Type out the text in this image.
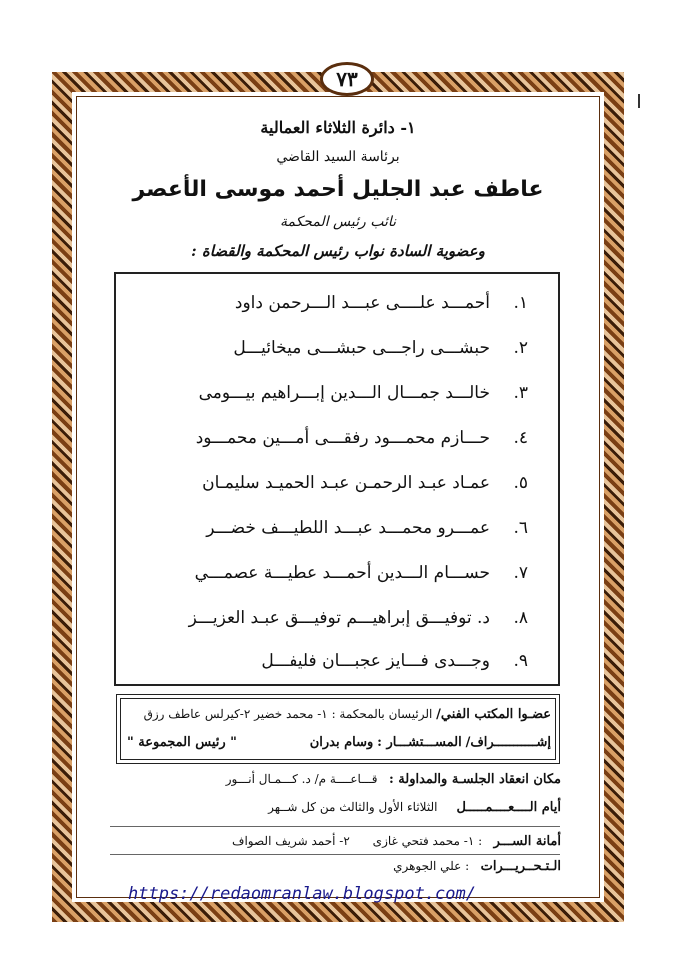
٧٣
١- دائرة الثلاثاء العمالية
برئاسة السيد القاضي
عاطف عبد الجليل أحمد موسى الأعصر
نائب رئيس المحكمة
وعضوية السادة نواب رئيس المحكمة والقضاة :
١.
أحمـــد علــــى عبـــد الـــرحمن داود
٢.
حبشـــى راجـــى حبشـــى ميخائيـــل
٣.
خالـــد جمـــال الـــدين إبـــراهيم بيـــومى
٤.
حـــازم محمـــود رفقـــى أمـــين محمـــود
٥.
عمـاد عبـد الرحمـن عبـد الحميـد سليمـان
٦.
عمـــرو محمـــد عبـــد اللطيـــف خضـــر
٧.
حســـام الـــدين أحمـــد عطيـــة عصمـــي
٨.
د. توفيـــق إبراهيـــم توفيـــق عبـد العزيـــز
٩.
وجـــدى فـــايز عجبـــان فليفـــل
عضـوا المكتب الفني/ الرئيسان بالمحكمة : ١- محمد خضير ٢-كيرلس عاطف رزق
إشـــــــــــراف/ المســـتشـــار : وسام بدران
" رئيس المجموعة "
مكان انعقاد الجلسـة والمداولة :   قـــاعــــة م/ د. كـــمـال أنـــور
أيام الــــعــــمـــــل     الثلاثاء الأول والثالث من كل شــهر
أمانة الســـر   : ١- محمد فتحي غازى      ٢- أحمد شريف الصواف
الـتـحــريـــرات   : علي الجوهري
https://redaomranlaw.blogspot.com/
